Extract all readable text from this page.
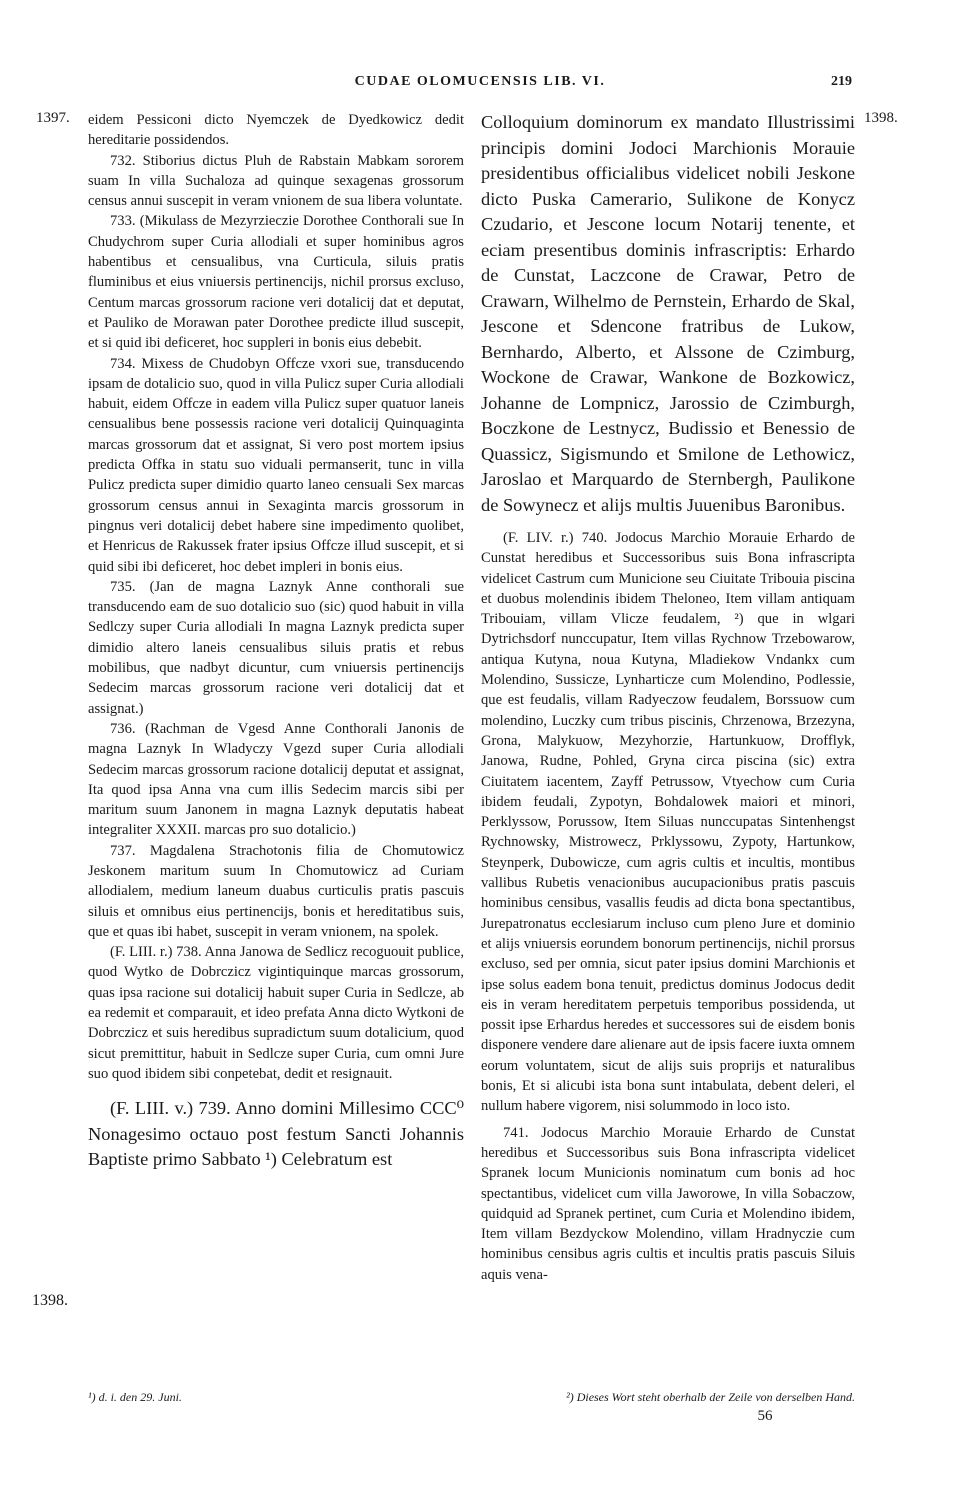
CUDAE OLOMUCENSIS LIB. VI.	219
1397.	1398.
1398.

eidem Pessiconi dicto Nyemczek de Dyedkowicz dedit hereditarie possidendos.

732. Stiborius dictus Pluh de Rabstain Mabkam sororem suam In villa Suchaloza ad quinque sexagenas grossorum census annui suscepit in veram vnionem de sua libera voluntate.

733. (Mikulass de Mezyrzieczie Dorothee Conthorali sue In Chudychrom super Curia allodiali et super hominibus agros habentibus et censualibus, vna Curticula, siluis pratis fluminibus et eius vniuersis pertinencijs, nichil prorsus excluso, Centum marcas grossorum racione veri dotalicij dat et deputat, et Pauliko de Morawan pater Dorothee predicte illud suscepit, et si quid ibi deficeret, hoc suppleri in bonis eius debebit.

734. Mixess de Chudobyn Offcze vxori sue, transducendo ipsam de dotalicio suo, quod in villa Pulicz super Curia allodiali habuit, eidem Offcze in eadem villa Pulicz super quatuor laneis censualibus bene possessis racione veri dotalicij Quinquaginta marcas grossorum dat et assignat, Si vero post mortem ipsius predicta Offka in statu suo viduali permanserit, tunc in villa Pulicz predicta super dimidio quarto laneo censuali Sex marcas grossorum census annui in Sexaginta marcis grossorum in pingnus veri dotalicij debet habere sine impedimento quolibet, et Henricus de Rakussek frater ipsius Offcze illud suscepit, et si quid sibi ibi deficeret, hoc debet impleri in bonis eius.

735. (Jan de magna Laznyk Anne conthorali sue transducendo eam de suo dotalicio suo (sic) quod habuit in villa Sedlczy super Curia allodiali In magna Laznyk predicta super dimidio altero laneis censualibus siluis pratis et rebus mobilibus, que nadbyt dicuntur, cum vniuersis pertinencijs Sedecim marcas grossorum racione veri dotalicij dat et assignat.)

736. (Rachman de Vgesd Anne Conthorali Janonis de magna Laznyk In Wladyczy Vgezd super Curia allodiali Sedecim marcas grossorum racione dotalicij deputat et assignat, Ita quod ipsa Anna vna cum illis Sedecim marcis sibi per maritum suum Janonem in magna Laznyk deputatis habeat integraliter XXXII. marcas pro suo dotalicio.)

737. Magdalena Strachotonis filia de Chomutowicz Jeskonem maritum suum In Chomutowicz ad Curiam allodialem, medium laneum duabus curticulis pratis pascuis siluis et omnibus eius pertinencijs, bonis et hereditatibus suis, que et quas ibi habet, suscepit in veram vnionem, na spolek.

(F. LIII. r.) 738. Anna Janowa de Sedlicz recoguouit publice, quod Wytko de Dobrczicz vigintiquinque marcas grossorum, quas ipsa racione sui dotalicij habuit super Curia in Sedlcze, ab ea redemit et comparauit, et ideo prefata Anna dicto Wytkoni de Dobrczicz et suis heredibus supradictum suum dotalicium, quod sicut premittitur, habuit in Sedlcze super Curia, cum omni Jure suo quod ibidem sibi conpetebat, dedit et resignauit.

(F. LIII. v.) 739. Anno domini Millesimo CCC⁰ Nonagesimo octauo post festum Sancti Johannis Baptiste primo Sabbato ¹) Celebratum est

Colloquium dominorum ex mandato Illustrissimi principis domini Jodoci Marchionis Morauie presidentibus officialibus videlicet nobili Jeskone dicto Puska Camerario, Sulikone de Konycz Czudario, et Jescone locum Notarij tenente, et eciam presentibus dominis infrascriptis: Erhardo de Cunstat, Laczcone de Crawar, Petro de Crawarn, Wilhelmo de Pernstein, Erhardo de Skal, Jescone et Sdencone fratribus de Lukow, Bernhardo, Alberto, et Alssone de Czimburg, Wockone de Crawar, Wankone de Bozkowicz, Johanne de Lompnicz, Jarossio de Czimburgh, Boczkone de Lestnycz, Budissio et Benessio de Quassicz, Sigismundo et Smilone de Lethowicz, Jaroslao et Marquardo de Sternbergh, Paulikone de Sowynecz et alijs multis Juuenibus Baronibus.

(F. LIV. r.) 740. Jodocus Marchio Morauie Erhardo de Cunstat heredibus et Successoribus suis Bona infrascripta videlicet Castrum cum Municione seu Ciuitate Tribouia piscina et duobus molendinis ibidem Theloneo, Item villam antiquam Tribouiam, villam Vlicze feudalem, ²) que in wlgari Dytrichsdorf nunccupatur, Item villas Rychnow Trzebowarow, antiqua Kutyna, noua Kutyna, Mladiekow Vndankx cum Molendino, Sussicze, Lynharticze cum Molendino, Podlessie, que est feudalis, villam Radyeczow feudalem, Borssuow cum molendino, Luczky cum tribus piscinis, Chrzenowa, Brzezyna, Grona, Malykuow, Mezyhorzie, Hartunkuow, Drofflyk, Janowa, Rudne, Pohled, Gryna circa piscina (sic) extra Ciuitatem iacentem, Zayff Petrussow, Vtyechow cum Curia ibidem feudali, Zypotyn, Bohdalowek maiori et minori, Perklyssow, Porussow, Item Siluas nunccupatas Sintenhengst Rychnowsky, Mistrowecz, Prklyssowu, Zypoty, Hartunkow, Steynperk, Dubowicze, cum agris cultis et incultis, montibus vallibus Rubetis venacionibus aucupacionibus pratis pascuis hominibus censibus, vasallis feudis ad dicta bona spectantibus, Jurepatronatus ecclesiarum incluso cum pleno Jure et dominio et alijs vniuersis eorundem bonorum pertinencijs, nichil prorsus excluso, sed per omnia, sicut pater ipsius domini Marchionis et ipse solus eadem bona tenuit, predictus dominus Jodocus dedit eis in veram hereditatem perpetuis temporibus possidenda, ut possit ipse Erhardus heredes et successores sui de eisdem bonis disponere vendere dare alienare aut de ipsis facere iuxta omnem eorum voluntatem, sicut de alijs suis proprijs et naturalibus bonis, Et si alicubi ista bona sunt intabulata, debent deleri, el nullum habere vigorem, nisi solummodo in loco isto.

741. Jodocus Marchio Morauie Erhardo de Cunstat heredibus et Successoribus suis Bona infrascripta videlicet Spranek locum Municionis nominatum cum bonis ad hoc spectantibus, videlicet cum villa Jaworowe, In villa Sobaczow, quidquid ad Spranek pertinet, cum Curia et Molendino ibidem, Item villam Bezdyckow Molendino, villam Hradnyczie cum hominibus censibus agris cultis et incultis pratis pascuis Siluis aquis vena-

¹) d. i. den 29. Juni.	²) Dieses Wort steht oberhalb der Zeile von derselben Hand.
56
